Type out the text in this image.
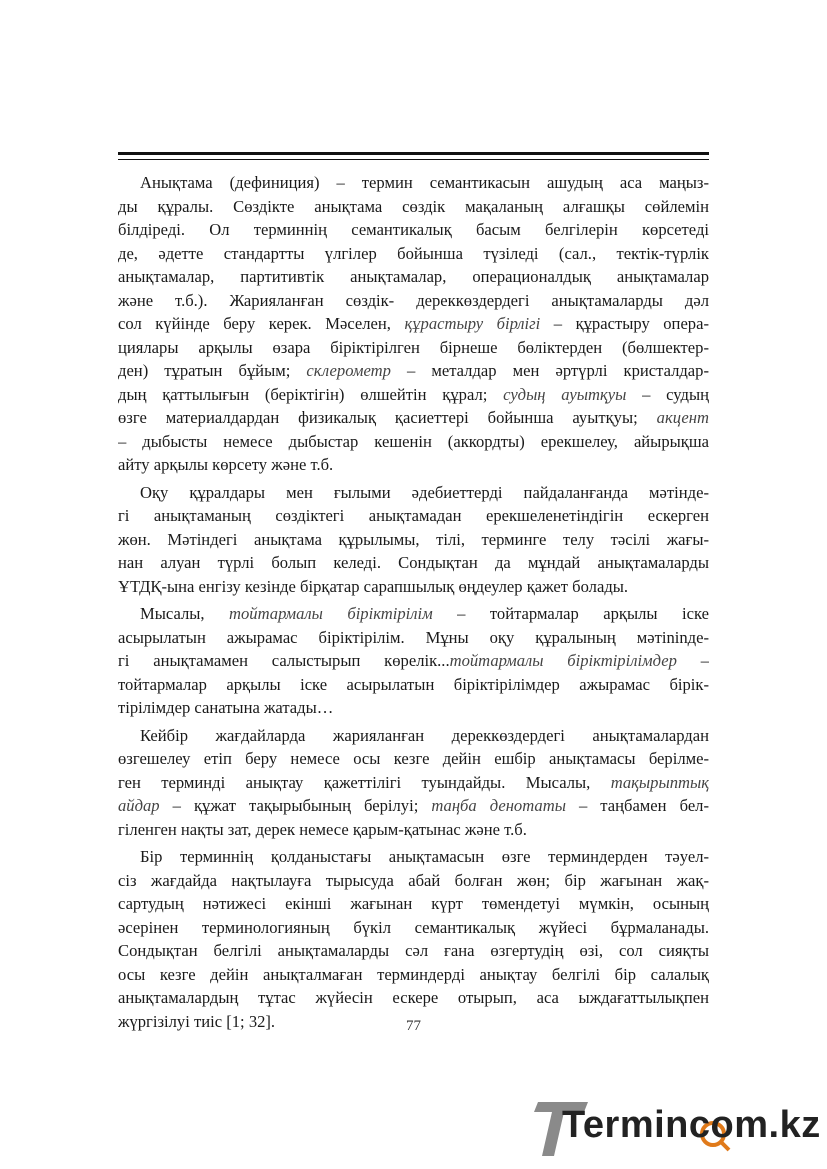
Анықтама (дефиниция) – термин семантикасын ашудың аса маңыз-
ды құралы. Сөздікте анықтама сөздік мақаланың алғашқы сөйлемін
білдіреді. Ол терминнің семантикалық басым белгілерін көрсетеді
де, әдетте стандартты үлгілер бойынша түзіледі (сал., тектік-түрлік
анықтамалар, партитивтік анықтамалар, операционалдық анықтамалар
және т.б.). Жарияланған сөздік- дереккөздердегі анықтамаларды дәл
сол күйінде беру керек. Мәселен, құрастыру бірлігі – құрастыру опера-
циялары арқылы өзара біріктірілген бірнеше бөліктерден (бөлшектер-
ден) тұратын бұйым; склерометр – металдар мен әртүрлі кристалдар-
дың қаттылығын (беріктігін) өлшейтін құрал; судың ауытқуы – судың
өзге материалдардан физикалық қасиеттері бойынша ауытқуы; акцент
– дыбысты немесе дыбыстар кешенін (аккордты) ерекшелеу, айырықша
айту арқылы көрсету және т.б.

Оқу құралдары мен ғылыми әдебиеттерді пайдаланғанда мәтінде-
гі анықтаманың сөздіктегі анықтамадан ерекшеленетіндігін ескерген
жөн. Мәтіндегі анықтама құрылымы, тілі, терминге телу тәсілі жағы-
нан алуан түрлі болып келеді. Сондықтан да мұндай анықтамаларды
ҰТДҚ-ына енгізу кезінде бірқатар сарапшылық өңдеулер қажет болады.

Мысалы, тойтармалы біріктірілім – тойтармалар арқылы іске
асырылатын ажырамас біріктірілім. Мұны оқу құралының мәтininде-
гі анықтамамен салыстырып көрелік...тойтармалы біріктірілімдер –
тойтармалар арқылы іске асырылатын біріктірілімдер ажырамас бірік-
тірілімдер санатына жатады…

Кейбір жағдайларда жарияланған дереккөздердегі анықтамалардан
өзгешелеу етіп беру немесе осы кезге дейін ешбір анықтамасы берілме-
ген терминді анықтау қажеттілігі туындайды. Мысалы, тақырыптық
айдар – құжат тақырыбының берілуі; таңба денотаты – таңбамен бел-
гіленген нақты зат, дерек немесе қарым-қатынас және т.б.

Бір терминнің қолданыстағы анықтамасын өзге терминдерден тәуел-
сіз жағдайда нақтылауға тырысуда абай болған жөн; бір жағынан жақ-
сартудың нәтижесі екінші жағынан күрт төмендетуі мүмкін, осының
әсерінен терминологияның бүкіл семантикалық жүйесі бұрмаланады.
Сондықтан белгілі анықтамаларды сәл ғана өзгертудің өзі, сол сияқты
осы кезге дейін анықталмаған терминдерді анықтау белгілі бір салалық
анықтамалардың тұтас жүйесін ескере отырып, аса ыждағаттылықпен
жүргізілуі тиіс [1; 32].	77
Termincom.kz
